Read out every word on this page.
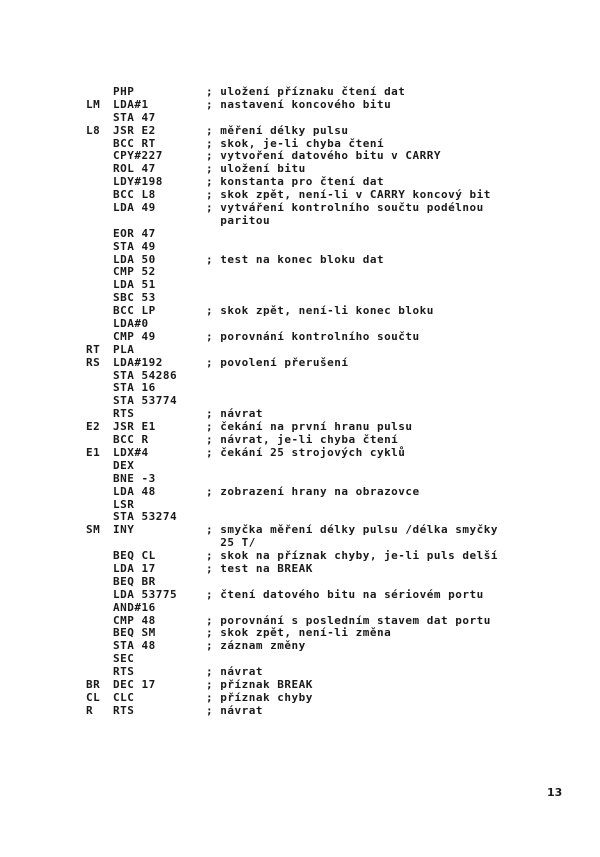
PHP	; uložení příznaku čtení dat
LM	LDA#1	; nastavení koncového bitu
STA 47
L8	JSR E2	; měření délky pulsu
BCC RT	; skok, je-li chyba čtení
CPY#227	; vytvoření datového bitu v CARRY
ROL 47	; uložení bitu
LDY#198	; konstanta pro čtení dat
BCC L8	; skok zpět, není-li v CARRY koncový bit
LDA 49	; vytváření kontrolního součtu podélnou
paritou
EOR 47
STA 49
LDA 50	; test na konec bloku dat
CMP 52
LDA 51
SBC 53
BCC LP	; skok zpět, není-li konec bloku
LDA#0
CMP 49	; porovnání kontrolního součtu
RT	PLA
RS	LDA#192	; povolení přerušení
STA 54286
STA 16
STA 53774
RTS	; návrat
E2	JSR E1	; čekání na první hranu pulsu
BCC R	; návrat, je-li chyba čtení
E1	LDX#4	; čekání 25 strojových cyklů
DEX
BNE -3
LDA 48	; zobrazení hrany na obrazovce
LSR
STA 53274
SM	INY	; smyčka měření délky pulsu /délka smyčky
25 T/
BEQ CL	; skok na příznak chyby, je-li puls delší
LDA 17	; test na BREAK
BEQ BR
LDA 53775	; čtení datového bitu na sériovém portu
AND#16
CMP 48	; porovnání s posledním stavem dat portu
BEQ SM	; skok zpět, není-li změna
STA 48	; záznam změny
SEC
RTS	; návrat
BR	DEC 17	; příznak BREAK
CL	CLC	; příznak chyby
R	RTS	; návrat
13
